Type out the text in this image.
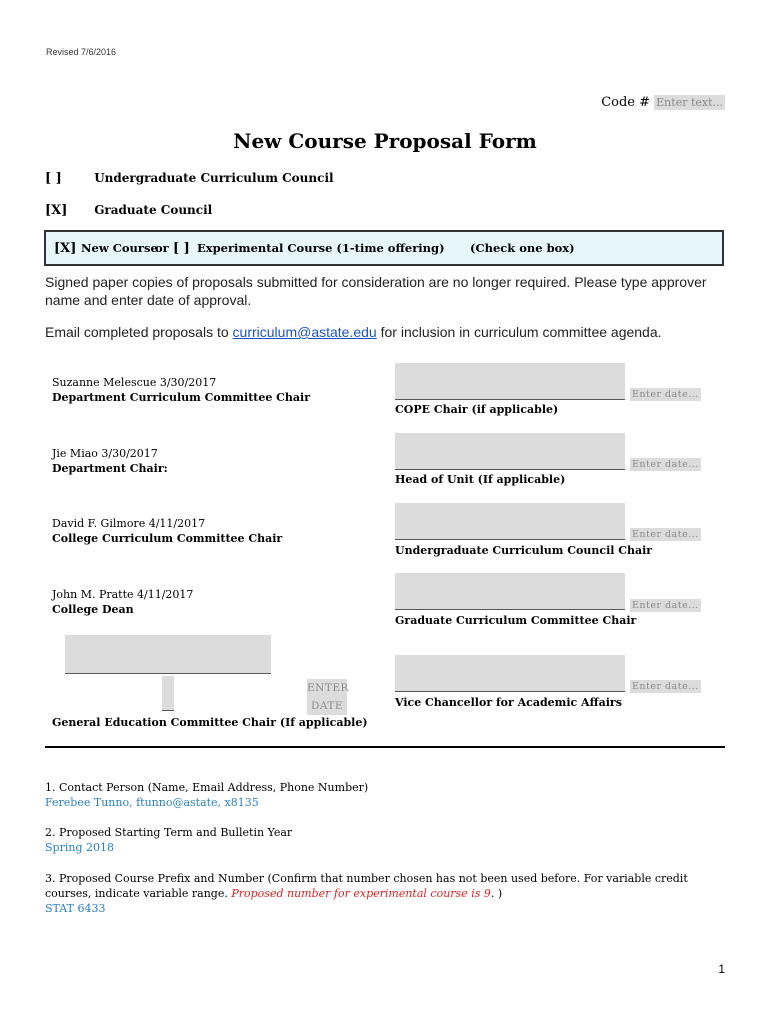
Revised 7/6/2016
Code # Enter text...
New Course Proposal Form
[ ]	Undergraduate Curriculum Council
[X] Graduate Council
[X] New Course
or [ ] Experimental Course (1-time offering) (Check one box)
Signed paper copies of proposals submitted for consideration are no longer required. Please type approver name and enter date of approval.
Email completed proposals to curriculum@astate.edu for inclusion in curriculum committee agenda.
Suzanne Melescue 3/30/2017
Department Curriculum Committee Chair
Jie Miao 3/30/2017
Department Chair:
David F. Gilmore 4/11/2017
College Curriculum Committee Chair
John M. Pratte 4/11/2017
College Dean
Enter date...
COPE Chair (if applicable)
Enter date...
Head of Unit (If applicable)
Enter date...
Undergraduate Curriculum Council Chair
Enter date...
Graduate Curriculum Committee Chair
Enter date...
Vice Chancellor for Academic Affairs
ENTER
DATE
General Education Committee Chair (If applicable)
1. Contact Person (Name, Email Address, Phone Number)
Ferebee Tunno, ftunno@astate, x8135
2. Proposed Starting Term and Bulletin Year
Spring 2018
3. Proposed Course Prefix and Number (Confirm that number chosen has not been used before. For variable credit courses, indicate variable range. Proposed number for experimental course is 9. )
STAT 6433
1
